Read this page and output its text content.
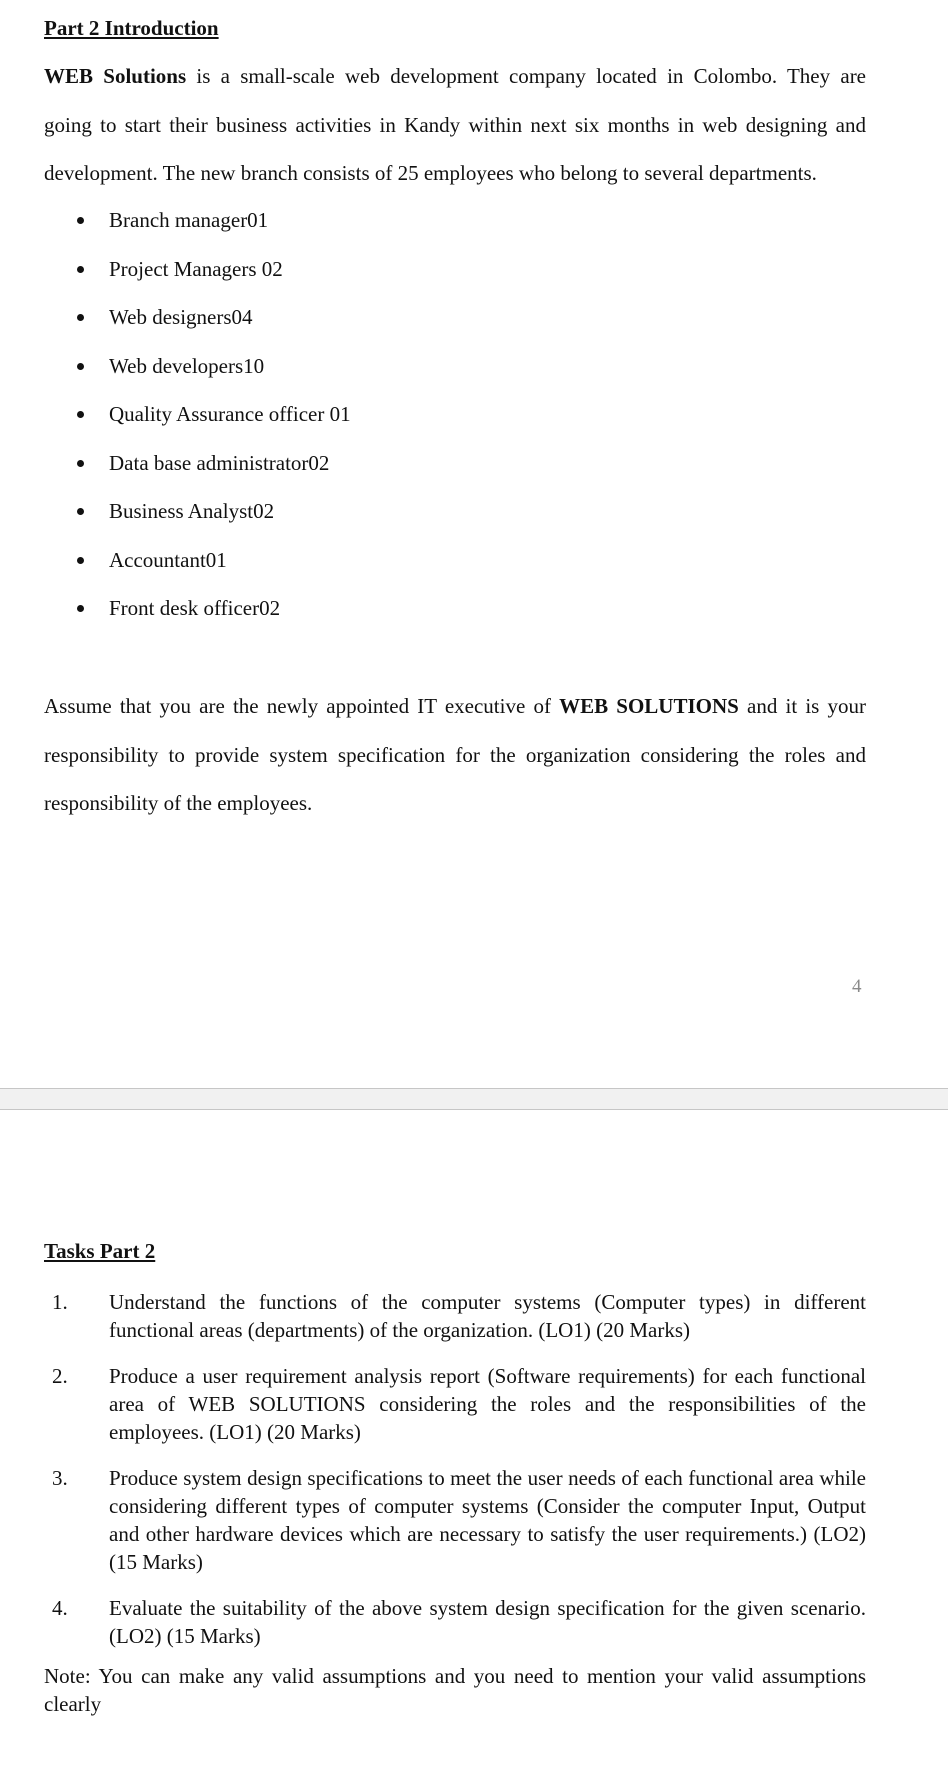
Part 2 Introduction
WEB Solutions is a small-scale web development company located in Colombo. They are
going to start their business activities in Kandy within next six months in web designing and
development. The new branch consists of 25 employees who belong to several departments.
Branch manager01
Project Managers 02
Web designers04
Web developers10
Quality Assurance officer 01
Data base administrator02
Business Analyst02
Accountant01
Front desk officer02
Assume that you are the newly appointed IT executive of WEB SOLUTIONS and it is your
responsibility to provide system specification for the organization considering the roles and
responsibility of the employees.
4
Tasks Part 2
1. Understand the functions of the computer systems (Computer types) in different functional areas (departments) of the organization. (LO1) (20 Marks)
2. Produce a user requirement analysis report (Software requirements) for each functional area of WEB SOLUTIONS considering the roles and the responsibilities of the employees. (LO1) (20 Marks)
3. Produce system design specifications to meet the user needs of each functional area while considering different types of computer systems (Consider the computer Input, Output and other hardware devices which are necessary to satisfy the user requirements.) (LO2) (15 Marks)
4. Evaluate the suitability of the above system design specification for the given scenario. (LO2) (15 Marks)
Note: You can make any valid assumptions and you need to mention your valid assumptions clearly
